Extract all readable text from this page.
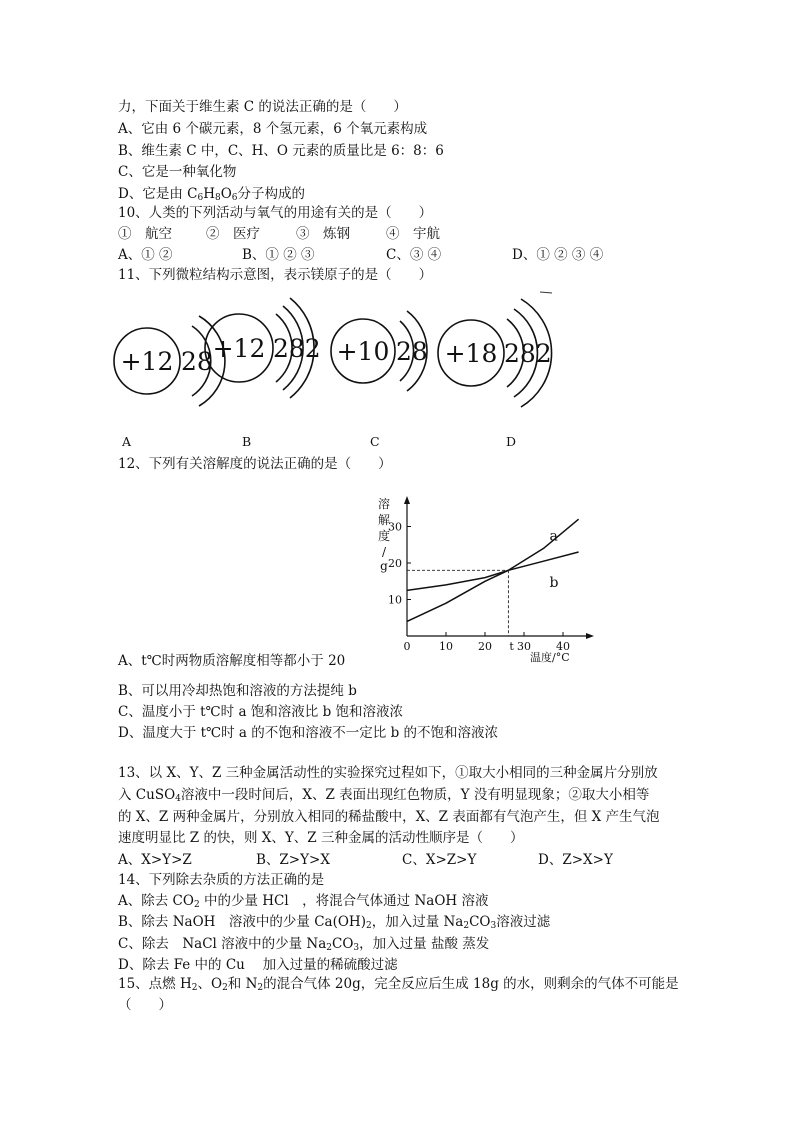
力，下面关于维生素 C 的说法正确的是（　　）
A、它由 6 个碳元素，8 个氢元素，6 个氧元素构成
B、维生素 C 中，C、H、O 元素的质量比是 6：8：6
C、它是一种氧化物
D、它是由 $C_6H_8O_6$分子构成的
10、人类的下列活动与氧气的用途有关的是（　　）
①　航空	②　医疗	③　炼钢	④　宇航
A、① ②	B、① ② ③	C、③ ④	D、① ② ③ ④
11、下列微粒结构示意图，表示镁原子的是（　　）
+12 28 +12 282 +10 28 +18 282
A	B	C	D
12、下列有关溶解度的说法正确的是（　　）
溶
解
度
/
g
0	10 20 30 40
10
20
30
t
a
b
温度/°C
A、t℃时两物质溶解度相等都小于 20
B、可以用冷却热饱和溶液的方法提纯 b
C、温度小于 t℃时 a 饱和溶液比 b 饱和溶液浓
D、温度大于 t℃时 a 的不饱和溶液不一定比 b 的不饱和溶液浓
13、以 X、Y、Z 三种金属活动性的实验探究过程如下，①取大小相同的三种金属片分别放
入 CuSO$_4$溶液中一段时间后，X、Z 表面出现红色物质，Y 没有明显现象；②取大小相等
的 X、Z 两种金属片，分别放入相同的稀盐酸中，X、Z 表面都有气泡产生，但 X 产生气泡
速度明显比 Z 的快，则 X、Y、Z 三种金属的活动性顺序是（　　）
A、X>Y>Z	B、Z>Y>X	C、X>Z>Y	D、Z>X>Y
14、下列除去杂质的方法正确的是
A、除去 $CO_2$ 中的少量 HCl　，将混合气体通过 NaOH 溶液
B、除去 NaOH　溶液中的少量 $Ca(OH)_2$，加入过量 $Na_2CO_3$溶液过滤
C、除去　NaCl 溶液中的少量 $Na_2CO_3$，加入过量 盐酸 蒸发
D、除去 Fe 中的 Cu　 加入过量的稀硫酸过滤
15、点燃 $H_2$、$O_2$和 $N_2$的混合气体 20g，完全反应后生成 18g 的水，则剩余的气体不可能是
（　　）
